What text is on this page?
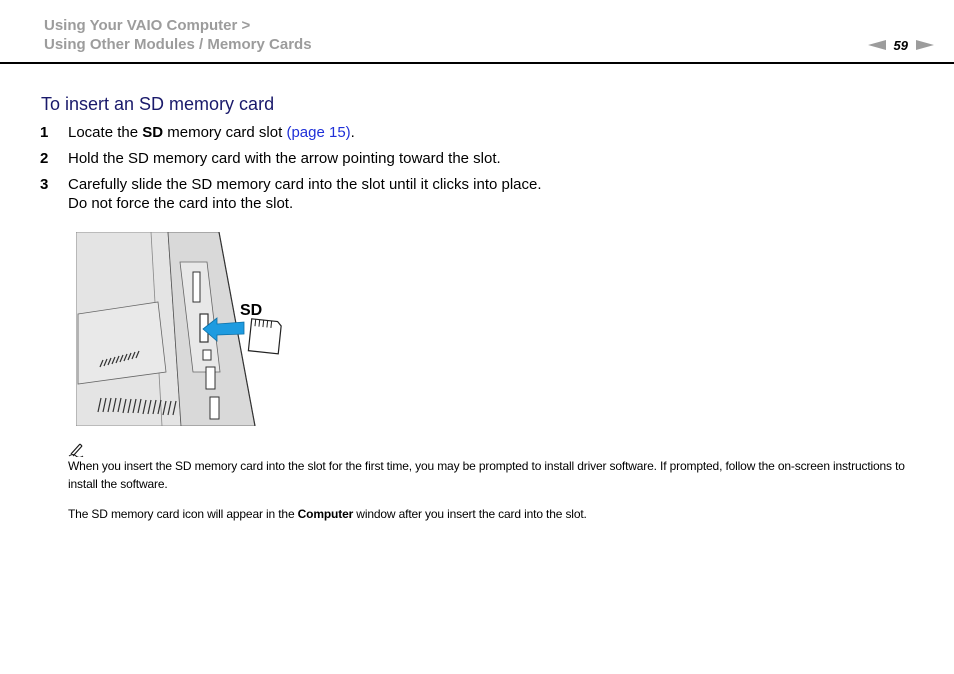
Using Your VAIO Computer >
Using Other Modules / Memory Cards	59
To insert an SD memory card
1	Locate the SD memory card slot (page 15).
2	Hold the SD memory card with the arrow pointing toward the slot.
3	Carefully slide the SD memory card into the slot until it clicks into place.
Do not force the card into the slot.
SD
When you insert the SD memory card into the slot for the first time, you may be prompted to install driver software. If prompted, follow the on-screen instructions to install the software.
The SD memory card icon will appear in the Computer window after you insert the card into the slot.
